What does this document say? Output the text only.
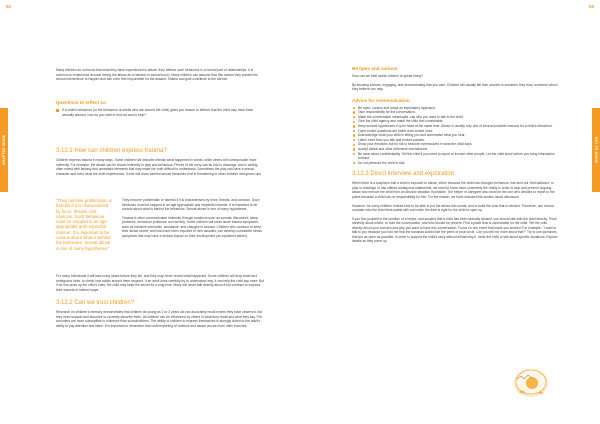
92
ADAPTED ISSUE

Many children do not know that what they have experienced is abuse; they believe such behaviour is a normal part of relationships. It is common to experience arousal during the abuse as a reaction to sexual touch. Many children can assume that this means they wanted the sexual interference to happen and can even feel responsible for the assault. Shame and guilt contribute to the silence.

Questions to reflect on
If a child's behaviour (or the behaviour of adults who are around the child) gives you reason to believe that the child may have been sexually abused, how do you start to find out and to help?
3.12.1 How can children express trauma?

Children express trauma in many ways. Some children will describe directly what happened in words, while others will communicate more indirectly. For example, the abuse can be shown indirectly in play and behaviour. Pieces of the story can be told in drawings, and in writing, often mixed with fantasy and unrealistic elements that may make the truth difficult to understand. Sometimes the play can have a sexual character and echo what the child experienced. Some will show harmful sexual behaviour that is threatening to other children and grown-ups.

"They become problematic or harmful if it is characterised by force, threats, and coercion. Such behaviour must be stopped in an age-appropriate and respectful manner. It is important to be curious about what is behind the behaviour. Sexual abuse is one of many hypotheses."

They become problematic or harmful if it is characterised by force, threats, and coercion. Such behaviour must be stopped in an age appropriate and respectful manner. It is important to be curious about what is behind the behaviour. Sexual abuse is one of many hypotheses.

Trauma is often communicated indirectly through reactions such as somatic discomfort, sleep problems, behaviour problems, and anxiety. Some children will show acute trauma symptoms, such as intrusive memories, avoidance, and changes in arousal. Children who continue to keep their abuse secret, and who have been exposed to new assaults, can develop cumulative stress symptoms that may have a serious impact on their development (as explained earlier).

For many individuals it will take many years before they tell, and they may never reveal what happened. Some children will drop small and ambiguous hints, to check how adults around them respond. If an adult does carefully try to understand why, it can help the child say more. But if no one picks up the child's cues, the child may keep the secret for a long time. Many will never talk directly about it but continue to express their wounds in indirect ways.

3.12.2 Can we trust children?

Research on children's memory demonstrates that children as young as 2 or 3 years old can accurately recall events they have observed, but they need support and structure to correctly describe them. All children can be influenced by others in what they recall and what they say. Pre-schoolers are more susceptible to influence than schoolchildren. The ability of children to express themselves is strongly linked to the adult's ability to pay attention and listen. It is important to remember that underreporting of violence and abuse occurs more often than lies.

93
KEY TO KNOW
Be open and curious

How can we best assist children to speak freely?

By showing interest, engaging, and demonstrating that you care. Children will usually tell their secrets to someone they trust, someone whom they believe can help.

Advice for communication
Be open, curious and adopt an exploratory approach.
Take responsibility for the conversation.
Make the conversation meaningful, say why you want to talk to the child.
Give the child agency and make the child feel comfortable.
Keep several hypotheses in your head at the same time. Abuse is usually only one of several possible reasons for a child's behaviour.
Open-ended questions are better than closed ones.
Acknowledge what your child is telling you and summarise what you hear.
Listen more than you talk and endure pauses.
Show your emotions but try not to become overinvolved in what the child says.
Accept denial and other defensive mechanisms.
Be clear about confidentiality. Tell the child if you need to report or involve other people. Let the child know before you bring information forward.
Do not pressure the child to talk.
3.12.3 Direct interview and exploration

When there is a suspicion that a child is exposed to abuse, either because the child has changed behaviour, has sent out "test balloons" in play or drawings or has offered ambiguous statements, we need to know more concretely the reality in order to stop and prevent ongoing abuse and remove the child from an abusive situation if possible. The helper or caregiver also must be the one who decides to report to the police because a child has no responsibility for this. For the reason, we have included this section about disclosure.

However, for many children it takes time to be able to put the abuse into words, and to build the trust that is needed. Therefore, one should consider who the child feels safest with and when the time is right for the child to open up.

If you find yourself in the position of a helper, and suspect that a child has been sexually abused, you should talk with the child directly. Think carefully about where, to hold the conversation, and who should be present. Find a place that is comfortable for the child. Tell the child directly about your concern and why you want to have this conversation. Focus on one event that made you worried. For example: "I want to talk to you because you told me that the bananas looked like the penis of your uncle. Can you tell me more about that?" Try to use questions that are as open as possible, in order to support the child's story without influencing it. Invite the child to talk about specific situations. Explore details as they come up.
